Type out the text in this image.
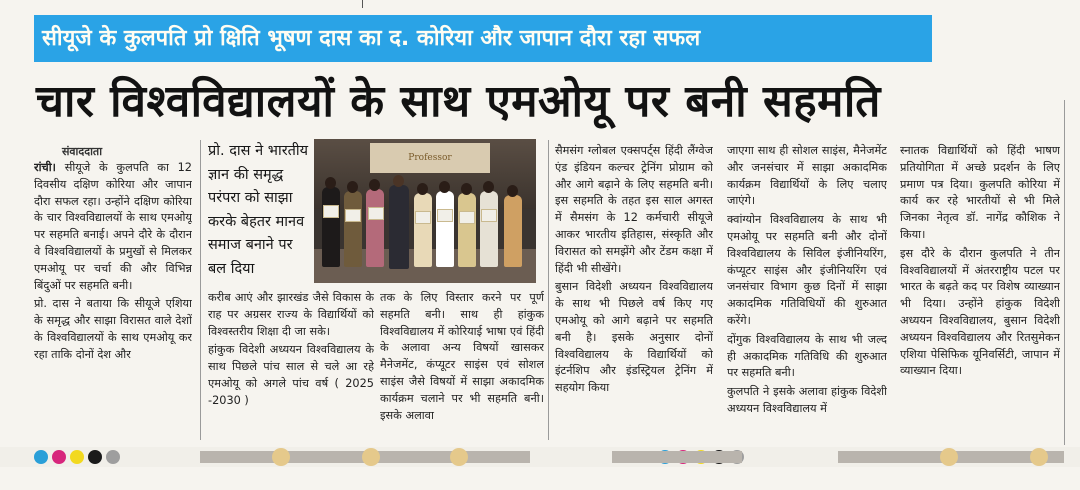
सीयूजे के कुलपति प्रो क्षिति भूषण दास का द. कोरिया और जापान दौरा रहा सफल
चार विश्वविद्यालयों के साथ एमओयू पर बनी सहमति
संवाददाता

रांची। सीयूजे के कुलपति का 12 दिवसीय दक्षिण कोरिया और जापान दौरा सफल रहा। उन्होंने दक्षिण कोरिया के चार विश्वविद्यालयों के साथ एमओयू पर सहमति बनाई। अपने दौरे के दौरान वे विश्वविद्यालयों के प्रमुखों से मिलकर एमओयू पर चर्चा की और विभिन्न बिंदुओं पर सहमति बनी।

प्रो. दास ने बताया कि सीयूजे एशिया के समृद्ध और साझा विरासत वाले देशों के विश्वविद्यालयों के साथ एमओयू कर रहा ताकि दोनों देश और

प्रो. दास ने भारतीय ज्ञान की समृद्ध परंपरा को साझा करके बेहतर मानव समाज बनाने पर बल दिया
Professor

करीब आएं और झारखंड जैसे विकास के राह पर अग्रसर राज्य के विद्यार्थियों को विश्वस्तरीय शिक्षा दी जा सके।

हांकुक विदेशी अध्ययन विश्वविद्यालय के साथ पिछले पांच साल से चले आ रहे एमओयू को अगले पांच वर्ष ( 2025 -2030 )

तक के लिए विस्तार करने पर पूर्ण सहमति बनी। साथ ही हांकुक विश्वविद्यालय में कोरियाई भाषा एवं हिंदी के अलावा अन्य विषयों खासकर मैनेजमेंट, कंप्यूटर साइंस एवं सोशल साइंस जैसे विषयों में साझा अकादमिक कार्यक्रम चलाने पर भी सहमति बनी। इसके अलावा

सैमसंग ग्लोबल एक्सपर्ट्स हिंदी लैंग्वेज एंड इंडियन कल्चर ट्रेनिंग प्रोग्राम को और आगे बढ़ाने के लिए सहमति बनी। इस सहमति के तहत इस साल अगस्त में सैमसंग के 12 कर्मचारी सीयूजे आकर भारतीय इतिहास, संस्कृति और विरासत को समझेंगे और टेंडम कक्षा में हिंदी भी सीखेंगे।

बुसान विदेशी अध्ययन विश्वविद्यालय के साथ भी पिछले वर्ष किए गए एमओयू को आगे बढ़ाने पर सहमति बनी है। इसके अनुसार दोनों विश्वविद्यालय के विद्यार्थियों को इंटर्नशिप और इंडस्ट्रियल ट्रेनिंग में सहयोग किया

जाएगा साथ ही सोशल साइंस, मैनेजमेंट और जनसंचार में साझा अकादमिक कार्यक्रम विद्यार्थियों के लिए चलाए जाएंगे।

क्वांग्योन विश्वविद्यालय के साथ भी एमओयू पर सहमति बनी और दोनों विश्वविद्यालय के सिविल इंजीनियरिंग, कंप्यूटर साइंस और इंजीनियरिंग एवं जनसंचार विभाग कुछ दिनों में साझा अकादमिक गतिविधियों की शुरुआत करेंगे।

दोंगुक विश्वविद्यालय के साथ भी जल्द ही अकादमिक गतिविधि की शुरुआत पर सहमति बनी।

कुलपति ने इसके अलावा हांकुक विदेशी अध्ययन विश्वविद्यालय में

स्नातक विद्यार्थियों को हिंदी भाषण प्रतियोगिता में अच्छे प्रदर्शन के लिए प्रमाण पत्र दिया। कुलपति कोरिया में कार्य कर रहे भारतीयों से भी मिले जिनका नेतृत्व डॉ. नागेंद्र कौशिक ने किया।

इस दौरे के दौरान कुलपति ने तीन विश्वविद्यालयों में अंतरराष्ट्रीय पटल पर भारत के बढ़ते कद पर विशेष व्याख्यान भी दिया। उन्होंने हांकुक विदेशी अध्ययन विश्वविद्यालय, बुसान विदेशी अध्ययन विश्वविद्यालय और रितसुमेकन एशिया पेसिफिक यूनिवर्सिटी, जापान में व्याख्यान दिया।
